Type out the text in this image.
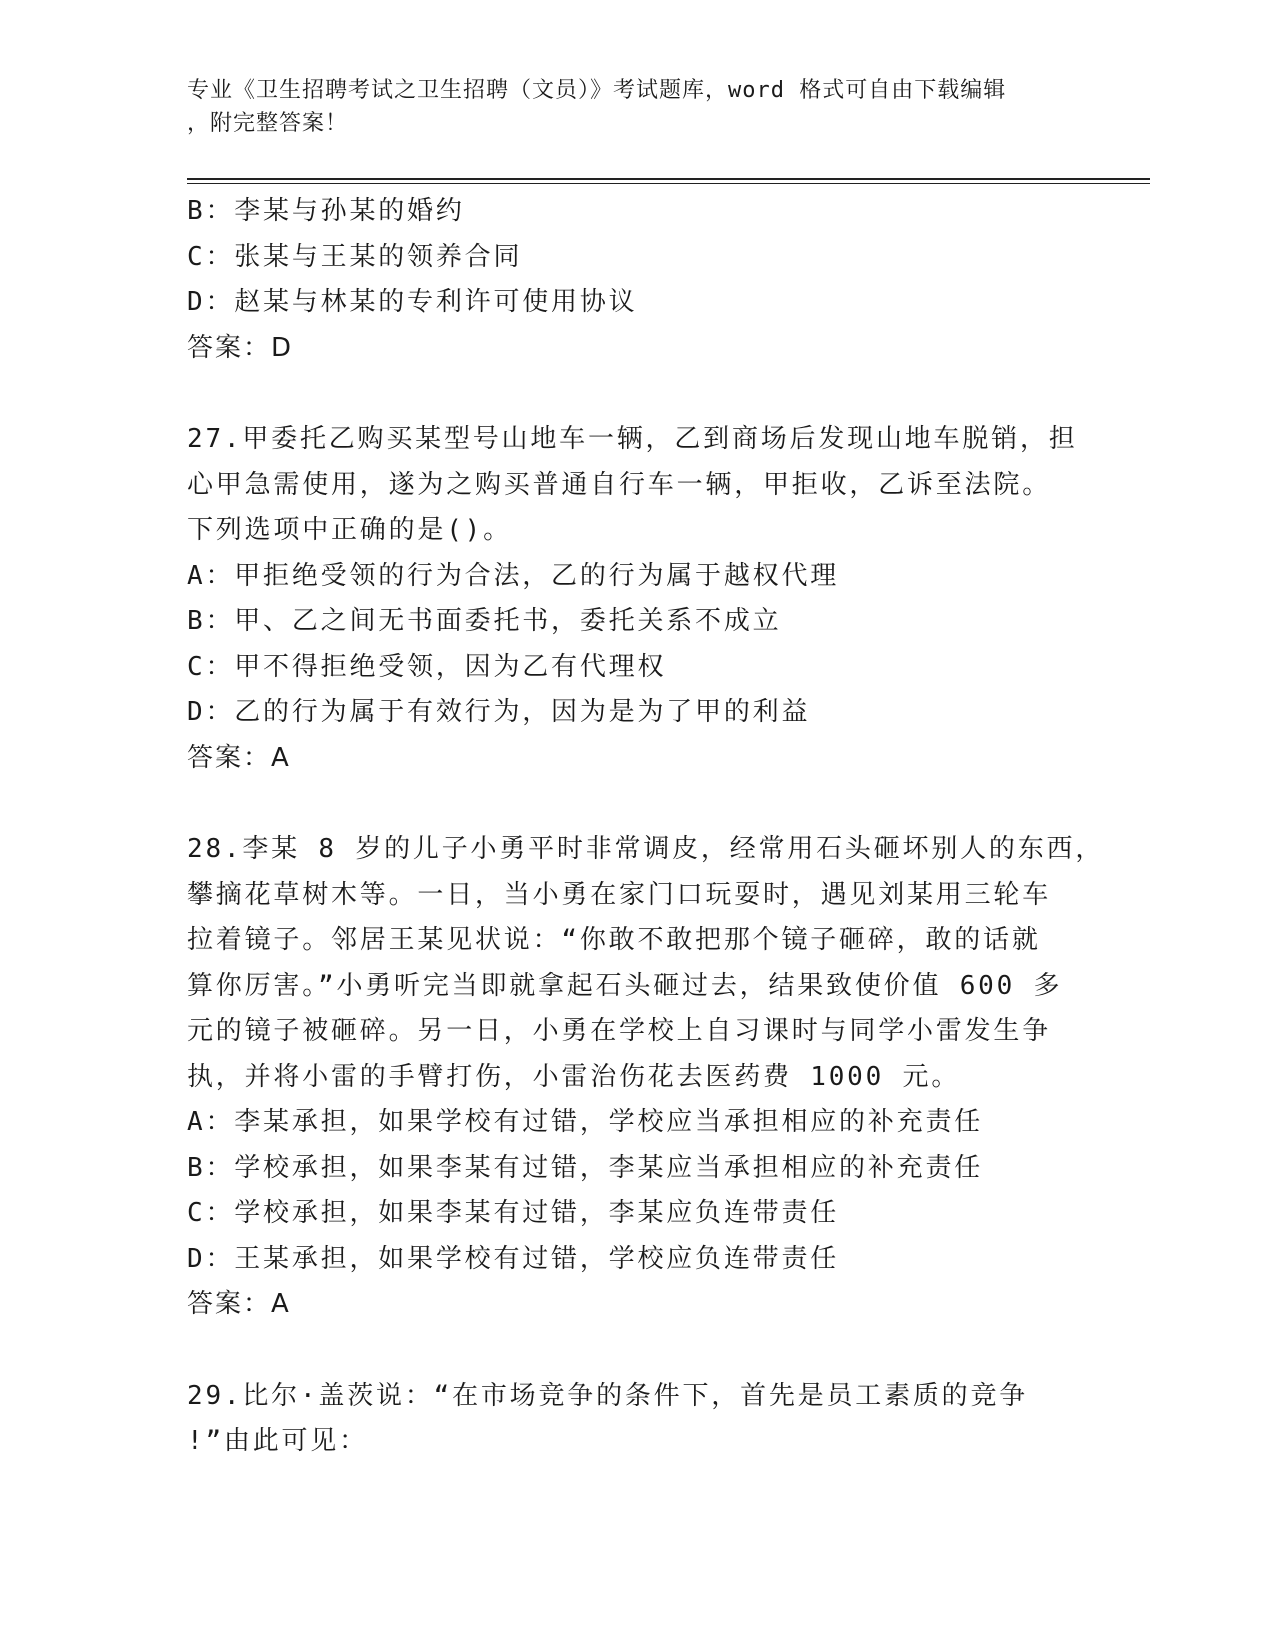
专业《卫生招聘考试之卫生招聘（文员）》考试题库，word 格式可自由下载编辑
，附完整答案！
B：李某与孙某的婚约
C：张某与王某的领养合同
D：赵某与林某的专利许可使用协议
答案：D
27.甲委托乙购买某型号山地车一辆，乙到商场后发现山地车脱销，担
心甲急需使用，遂为之购买普通自行车一辆，甲拒收，乙诉至法院。
下列选项中正确的是()。
A：甲拒绝受领的行为合法，乙的行为属于越权代理
B：甲、乙之间无书面委托书，委托关系不成立
C：甲不得拒绝受领，因为乙有代理权
D：乙的行为属于有效行为，因为是为了甲的利益
答案：A
28.李某 8 岁的儿子小勇平时非常调皮，经常用石头砸坏别人的东西，
攀摘花草树木等。一日，当小勇在家门口玩耍时，遇见刘某用三轮车
拉着镜子。邻居王某见状说：“你敢不敢把那个镜子砸碎，敢的话就
算你厉害。”小勇听完当即就拿起石头砸过去，结果致使价值 600 多
元的镜子被砸碎。另一日，小勇在学校上自习课时与同学小雷发生争
执，并将小雷的手臂打伤，小雷治伤花去医药费 1000 元。
A：李某承担，如果学校有过错，学校应当承担相应的补充责任
B：学校承担，如果李某有过错，李某应当承担相应的补充责任
C：学校承担，如果李某有过错，李某应负连带责任
D：王某承担，如果学校有过错，学校应负连带责任
答案：A
29.比尔·盖茨说：“在市场竞争的条件下，首先是员工素质的竞争
!”由此可见：
